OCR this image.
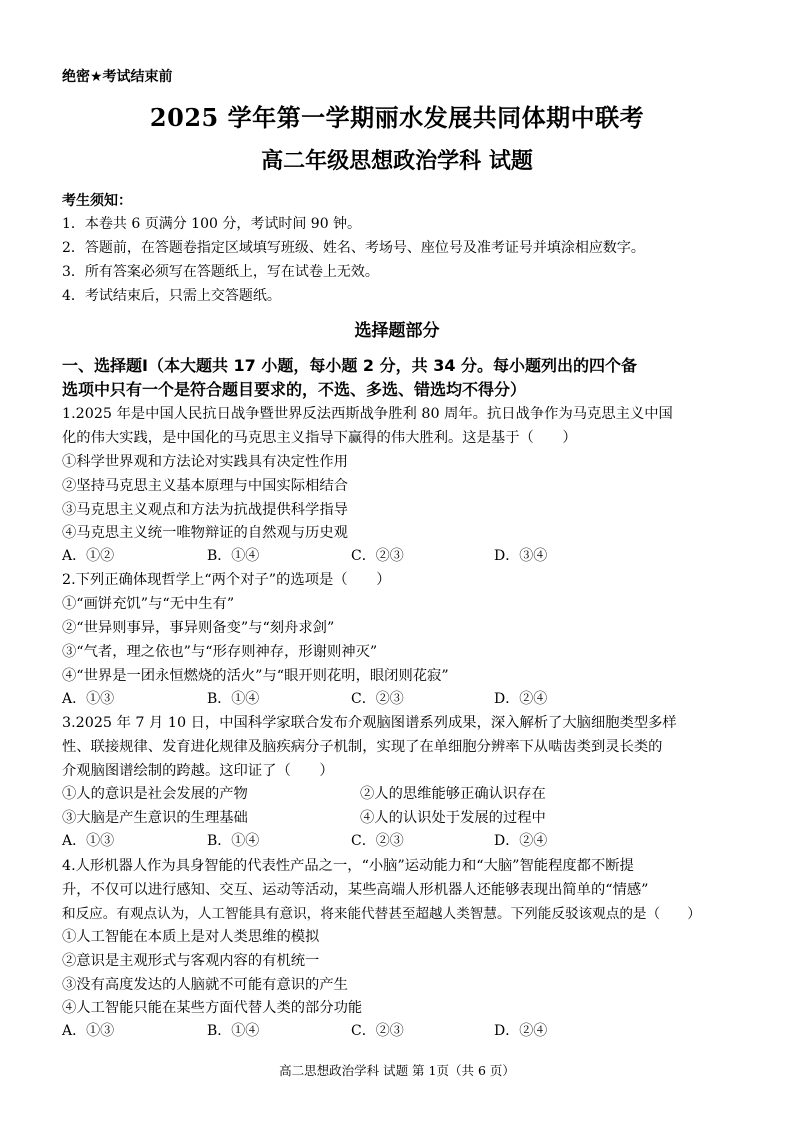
绝密★考试结束前
2025 学年第一学期丽水发展共同体期中联考
高二年级思想政治学科 试题
考生须知：
1．本卷共 6 页满分 100 分，考试时间 90 钟。
2．答题前，在答题卷指定区域填写班级、姓名、考场号、座位号及准考证号并填涂相应数字。
3．所有答案必须写在答题纸上，写在试卷上无效。
4．考试结束后，只需上交答题纸。
选择题部分
一、选择题Ⅰ（本大题共 17 小题，每小题 2 分，共 34 分。每小题列出的四个备
选项中只有一个是符合题目要求的，不选、多选、错选均不得分）
1.2025 年是中国人民抗日战争暨世界反法西斯战争胜利 80 周年。抗日战争作为马克思主义中国
化的伟大实践，是中国化的马克思主义指导下赢得的伟大胜利。这是基于（　　）
①科学世界观和方法论对实践具有决定性作用
②坚持马克思主义基本原理与中国实际相结合
③马克思主义观点和方法为抗战提供科学指导
④马克思主义统一唯物辩证的自然观与历史观
A．①②	B．①④	C．②③	D．③④
2.下列正确体现哲学上“两个对子”的选项是（　　）
①“画饼充饥”与“无中生有”
②“世异则事异，事异则备变”与“刻舟求剑”
③“气者，理之依也”与“形存则神存，形谢则神灭”
④“世界是一团永恒燃烧的活火”与“眼开则花明，眼闭则花寂”
A．①③	B．①④	C．②③	D．②④
3.2025 年 7 月 10 日，中国科学家联合发布介观脑图谱系列成果，深入解析了大脑细胞类型多样
性、联接规律、发育进化规律及脑疾病分子机制，实现了在单细胞分辨率下从啮齿类到灵长类的
介观脑图谱绘制的跨越。这印证了（　　）
①人的意识是社会发展的产物	②人的思维能够正确认识存在
③大脑是产生意识的生理基础	④人的认识处于发展的过程中
A．①③	B．①④	C．②③	D．②④
4.人形机器人作为具身智能的代表性产品之一，“小脑”运动能力和“大脑”智能程度都不断提
升，不仅可以进行感知、交互、运动等活动，某些高端人形机器人还能够表现出简单的“情感”
和反应。有观点认为，人工智能具有意识，将来能代替甚至超越人类智慧。下列能反驳该观点的是（　　）
①人工智能在本质上是对人类思维的模拟
②意识是主观形式与客观内容的有机统一
③没有高度发达的人脑就不可能有意识的产生
④人工智能只能在某些方面代替人类的部分功能
A．①③	B．①④	C．②③	D．②④
高二思想政治学科 试题 第 1页（共 6 页）
